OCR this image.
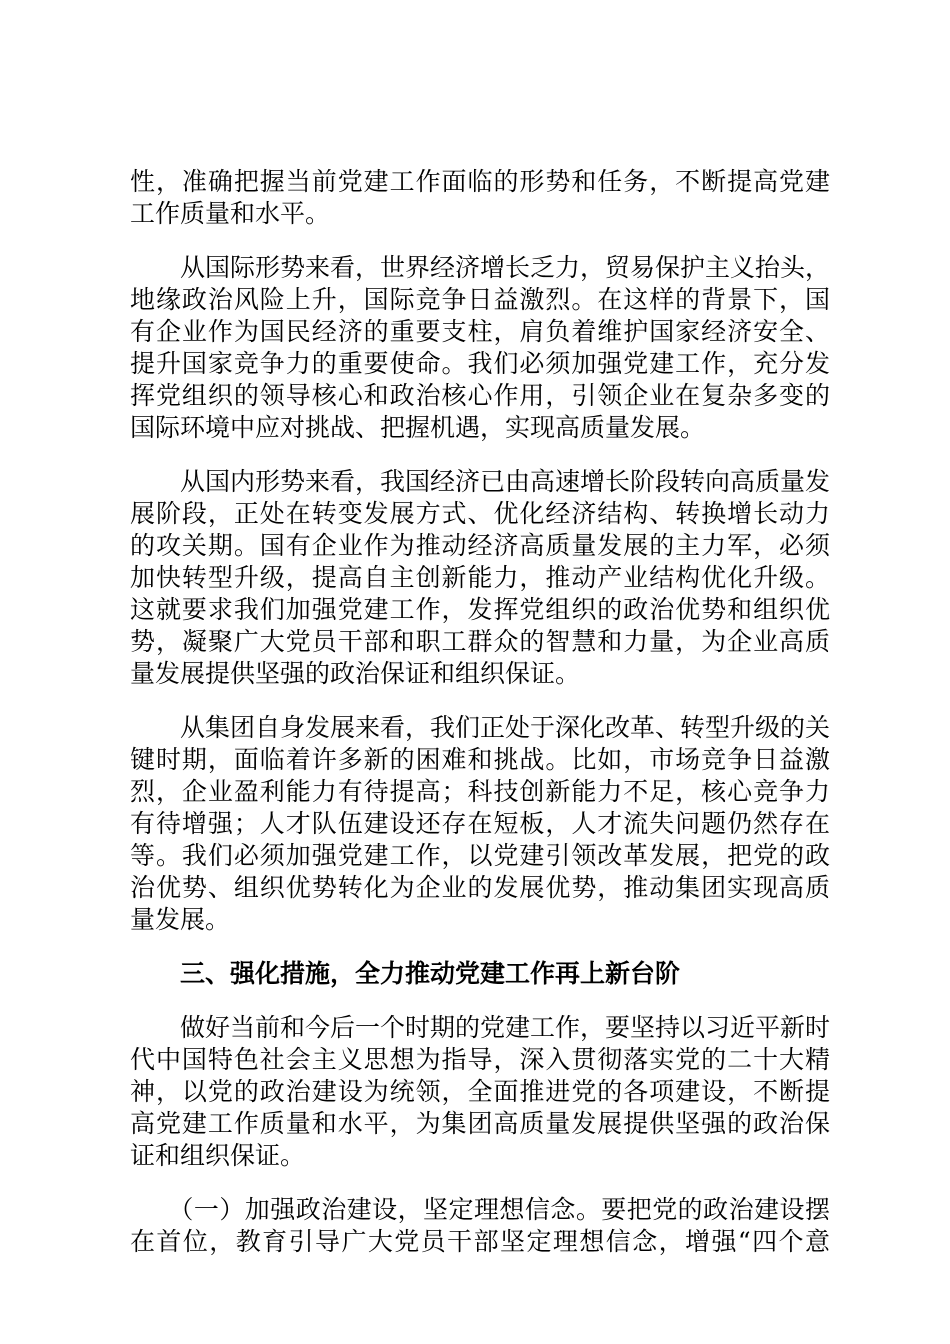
性，准确把握当前党建工作面临的形势和任务，不断提高党建
工作质量和水平。
　　从国际形势来看，世界经济增长乏力，贸易保护主义抬头，
地缘政治风险上升，国际竞争日益激烈。在这样的背景下，国
有企业作为国民经济的重要支柱，肩负着维护国家经济安全、
提升国家竞争力的重要使命。我们必须加强党建工作，充分发
挥党组织的领导核心和政治核心作用，引领企业在复杂多变的
国际环境中应对挑战、把握机遇，实现高质量发展。
　　从国内形势来看，我国经济已由高速增长阶段转向高质量发
展阶段，正处在转变发展方式、优化经济结构、转换增长动力
的攻关期。国有企业作为推动经济高质量发展的主力军，必须
加快转型升级，提高自主创新能力，推动产业结构优化升级。
这就要求我们加强党建工作，发挥党组织的政治优势和组织优
势，凝聚广大党员干部和职工群众的智慧和力量，为企业高质
量发展提供坚强的政治保证和组织保证。
　　从集团自身发展来看，我们正处于深化改革、转型升级的关
键时期，面临着许多新的困难和挑战。比如，市场竞争日益激
烈，企业盈利能力有待提高；科技创新能力不足，核心竞争力
有待增强；人才队伍建设还存在短板，人才流失问题仍然存在
等。我们必须加强党建工作，以党建引领改革发展，把党的政
治优势、组织优势转化为企业的发展优势，推动集团实现高质
量发展。
　　三、强化措施，全力推动党建工作再上新台阶
　　做好当前和今后一个时期的党建工作，要坚持以习近平新时
代中国特色社会主义思想为指导，深入贯彻落实党的二十大精
神，以党的政治建设为统领，全面推进党的各项建设，不断提
高党建工作质量和水平，为集团高质量发展提供坚强的政治保
证和组织保证。
　　（一）加强政治建设，坚定理想信念。要把党的政治建设摆
在首位，教育引导广大党员干部坚定理想信念，增强“四个意
